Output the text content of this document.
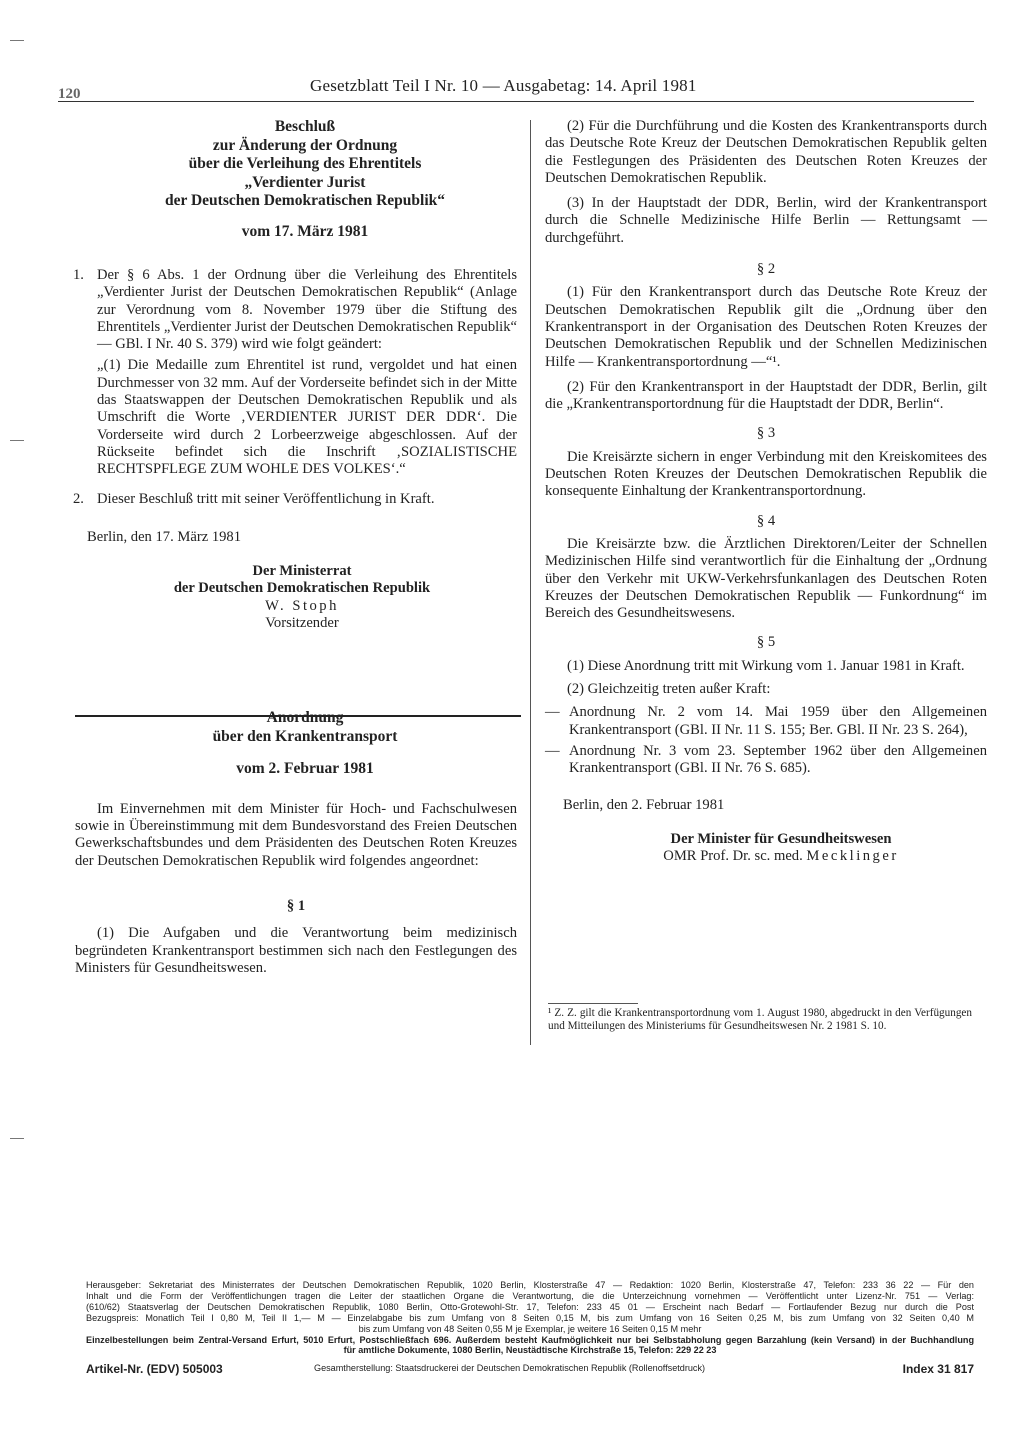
120	Gesetzblatt Teil I Nr. 10 — Ausgabetag: 14. April 1981
Beschluß
zur Änderung der Ordnung
über die Verleihung des Ehrentitels
„Verdienter Jurist
der Deutschen Demokratischen Republik“
vom 17. März 1981
1. Der § 6 Abs. 1 der Ordnung über die Verleihung des Ehrentitels „Verdienter Jurist der Deutschen Demokratischen Republik“ (Anlage zur Verordnung vom 8. November 1979 über die Stiftung des Ehrentitels „Verdienter Jurist der Deutschen Demokratischen Republik“ — GBl. I Nr. 40 S. 379) wird wie folgt geändert:
„(1) Die Medaille zum Ehrentitel ist rund, vergoldet und hat einen Durchmesser von 32 mm. Auf der Vorderseite befindet sich in der Mitte das Staatswappen der Deutschen Demokratischen Republik und als Umschrift die Worte ‚VERDIENTER JURIST DER DDR‘. Die Vorderseite wird durch 2 Lorbeerzweige abgeschlossen. Auf der Rückseite befindet sich die Inschrift ‚SOZIALISTISCHE RECHTSPFLEGE ZUM WOHLE DES VOLKES‘.“
2. Dieser Beschluß tritt mit seiner Veröffentlichung in Kraft.
Berlin, den 17. März 1981
Der Ministerrat
der Deutschen Demokratischen Republik
W. Stoph
Vorsitzender
Anordnung
über den Krankentransport
vom 2. Februar 1981

Im Einvernehmen mit dem Minister für Hoch- und Fachschulwesen sowie in Übereinstimmung mit dem Bundesvorstand des Freien Deutschen Gewerkschaftsbundes und dem Präsidenten des Deutschen Roten Kreuzes der Deutschen Demokratischen Republik wird folgendes angeordnet:

§ 1

(1) Die Aufgaben und die Verantwortung beim medizinisch begründeten Krankentransport bestimmen sich nach den Festlegungen des Ministers für Gesundheitswesen.

(2) Für die Durchführung und die Kosten des Krankentransports durch das Deutsche Rote Kreuz der Deutschen Demokratischen Republik gelten die Festlegungen des Präsidenten des Deutschen Roten Kreuzes der Deutschen Demokratischen Republik.

(3) In der Hauptstadt der DDR, Berlin, wird der Krankentransport durch die Schnelle Medizinische Hilfe Berlin — Rettungsamt — durchgeführt.

§ 2

(1) Für den Krankentransport durch das Deutsche Rote Kreuz der Deutschen Demokratischen Republik gilt die „Ordnung über den Krankentransport in der Organisation des Deutschen Roten Kreuzes der Deutschen Demokratischen Republik und der Schnellen Medizinischen Hilfe — Krankentransportordnung —“¹.

(2) Für den Krankentransport in der Hauptstadt der DDR, Berlin, gilt die „Krankentransportordnung für die Hauptstadt der DDR, Berlin“.

§ 3

Die Kreisärzte sichern in enger Verbindung mit den Kreiskomitees des Deutschen Roten Kreuzes der Deutschen Demokratischen Republik die konsequente Einhaltung der Krankentransportordnung.

§ 4

Die Kreisärzte bzw. die Ärztlichen Direktoren/Leiter der Schnellen Medizinischen Hilfe sind verantwortlich für die Einhaltung der „Ordnung über den Verkehr mit UKW-Verkehrsfunkanlagen des Deutschen Roten Kreuzes der Deutschen Demokratischen Republik — Funkordnung“ im Bereich des Gesundheitswesens.

§ 5

(1) Diese Anordnung tritt mit Wirkung vom 1. Januar 1981 in Kraft.

(2) Gleichzeitig treten außer Kraft:

— Anordnung Nr. 2 vom 14. Mai 1959 über den Allgemeinen Krankentransport (GBl. II Nr. 11 S. 155; Ber. GBl. II Nr. 23 S. 264),
— Anordnung Nr. 3 vom 23. September 1962 über den Allgemeinen Krankentransport (GBl. II Nr. 76 S. 685).
Berlin, den 2. Februar 1981
Der Minister für Gesundheitswesen
OMR Prof. Dr. sc. med. Mecklinger
¹ Z. Z. gilt die Krankentransportordnung vom 1. August 1980, abgedruckt in den Verfügungen und Mitteilungen des Ministeriums für Gesundheitswesen Nr. 2 1981 S. 10.

Herausgeber: Sekretariat des Ministerrates der Deutschen Demokratischen Republik, 1020 Berlin, Klosterstraße 47 — Redaktion: 1020 Berlin, Klosterstraße 47, Telefon: 233 36 22 — Für den

Inhalt und die Form der Veröffentlichungen tragen die Leiter der staatlichen Organe die Verantwortung, die die Unterzeichnung vornehmen — Veröffentlicht unter Lizenz-Nr. 751 — Verlag:

(610/62) Staatsverlag der Deutschen Demokratischen Republik, 1080 Berlin, Otto-Grotewohl-Str. 17, Telefon: 233 45 01 — Erscheint nach Bedarf — Fortlaufender Bezug nur durch die Post

Bezugspreis: Monatlich Teil I 0,80 M, Teil II 1,— M — Einzelabgabe bis zum Umfang von 8 Seiten 0,15 M, bis zum Umfang von 16 Seiten 0,25 M, bis zum Umfang von 32 Seiten 0,40 M

bis zum Umfang von 48 Seiten 0,55 M je Exemplar, je weitere 16 Seiten 0,15 M mehr

Einzelbestellungen beim Zentral-Versand Erfurt, 5010 Erfurt, Postschließfach 696. Außerdem besteht Kaufmöglichkeit nur bei Selbstabholung gegen Barzahlung (kein Versand) in der Buchhandlung

für amtliche Dokumente, 1080 Berlin, Neustädtische Kirchstraße 15, Telefon: 229 22 23

Artikel-Nr. (EDV) 505003	Gesamtherstellung: Staatsdruckerei der Deutschen Demokratischen Republik (Rollenoffsetdruck)	Index 31 817
